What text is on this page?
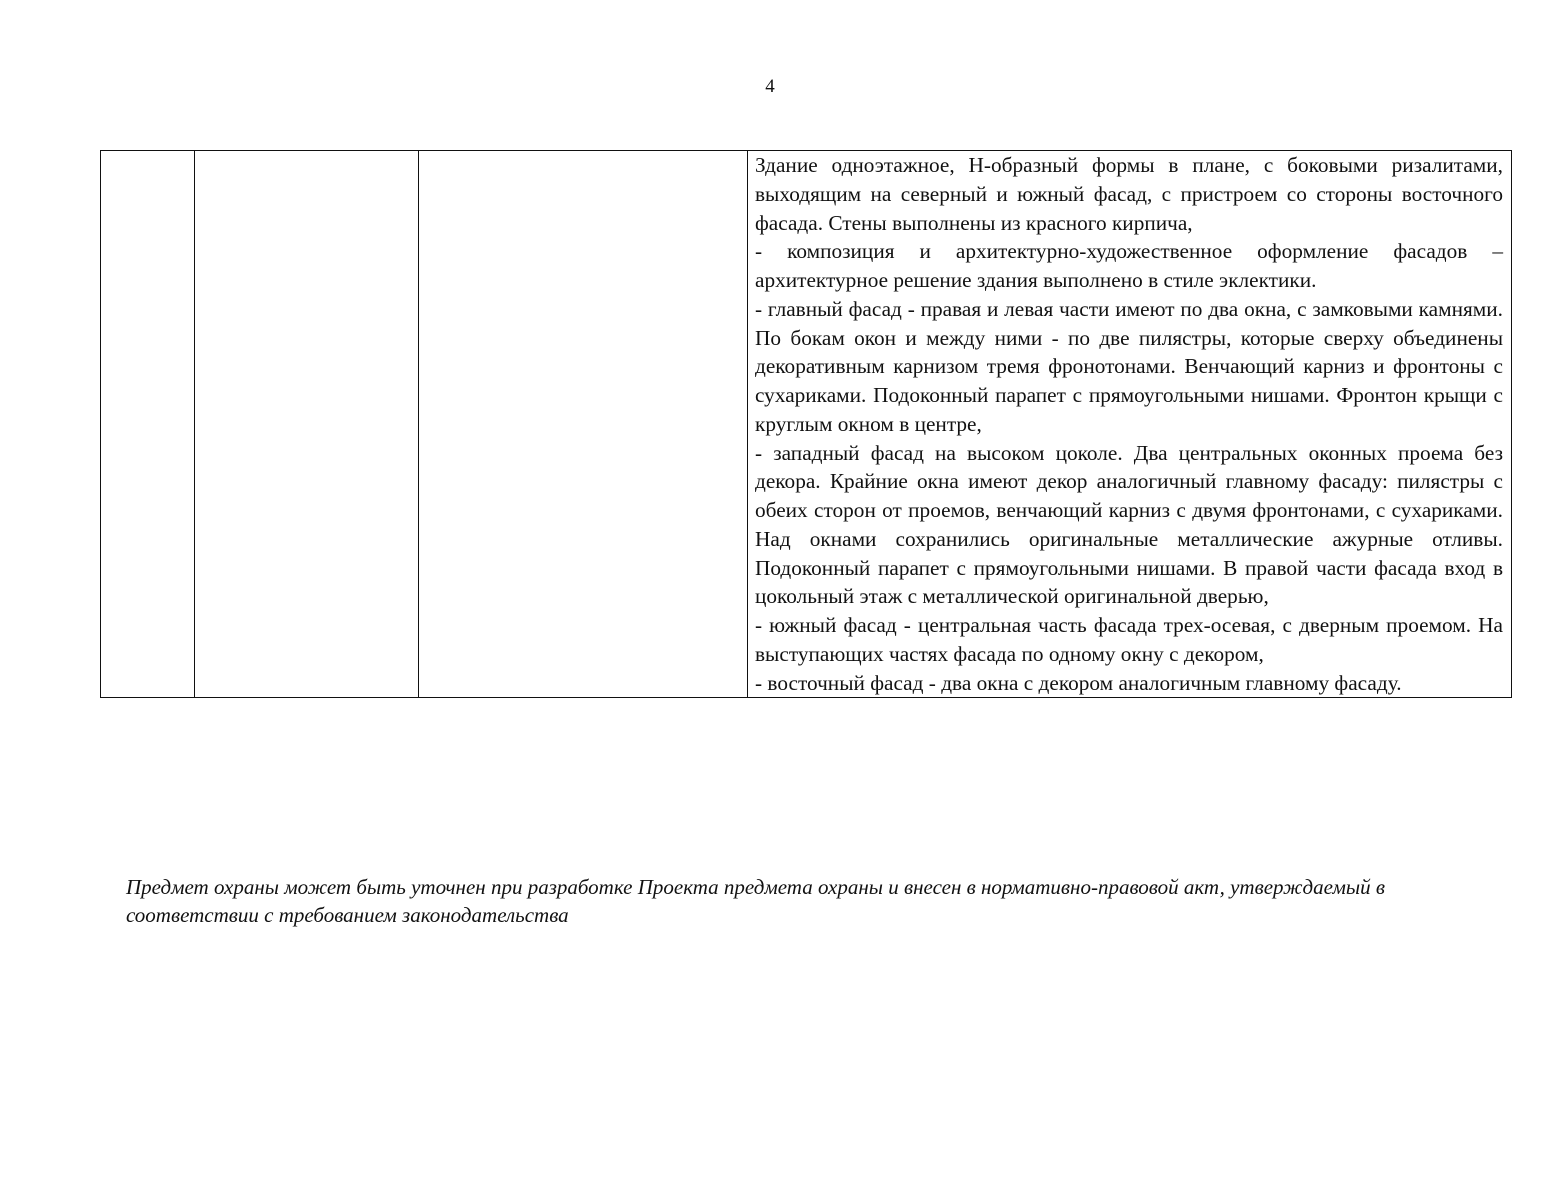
4

Здание одноэтажное, Н-образный формы в плане, с боковыми ризалитами, выходящим на северный и южный фасад, с пристроем со стороны восточного фасада. Стены выполнены из красного кирпича,

- композиция и архитектурно-художественное оформление фасадов – архитектурное решение здания выполнено в стиле эклектики.

- главный фасад - правая и левая части имеют по два окна, с замковыми камнями. По бокам окон и между ними - по две пилястры, которые сверху объединены декоративным карнизом тремя фронотонами. Венчающий карниз и фронтоны с сухариками. Подоконный парапет с прямоугольными нишами. Фронтон крыщи с круглым окном в центре,

- западный фасад на высоком цоколе. Два центральных оконных проема без декора. Крайние окна имеют декор аналогичный главному фасаду: пилястры с обеих сторон от проемов, венчающий карниз с двумя фронтонами, с сухариками. Над окнами сохранились оригинальные металлические ажурные отливы. Подоконный парапет с прямоугольными нишами. В правой части фасада вход в цокольный этаж с металлической оригинальной дверью,

- южный фасад - центральная часть фасада трех-осевая, с дверным проемом. На выступающих частях фасада по одному окну с декором,

- восточный фасад - два окна с декором аналогичным главному фасаду.

Предмет охраны может быть уточнен при разработке Проекта предмета охраны и внесен в нормативно-правовой акт, утверждаемый в соответствии с требованием законодательства
